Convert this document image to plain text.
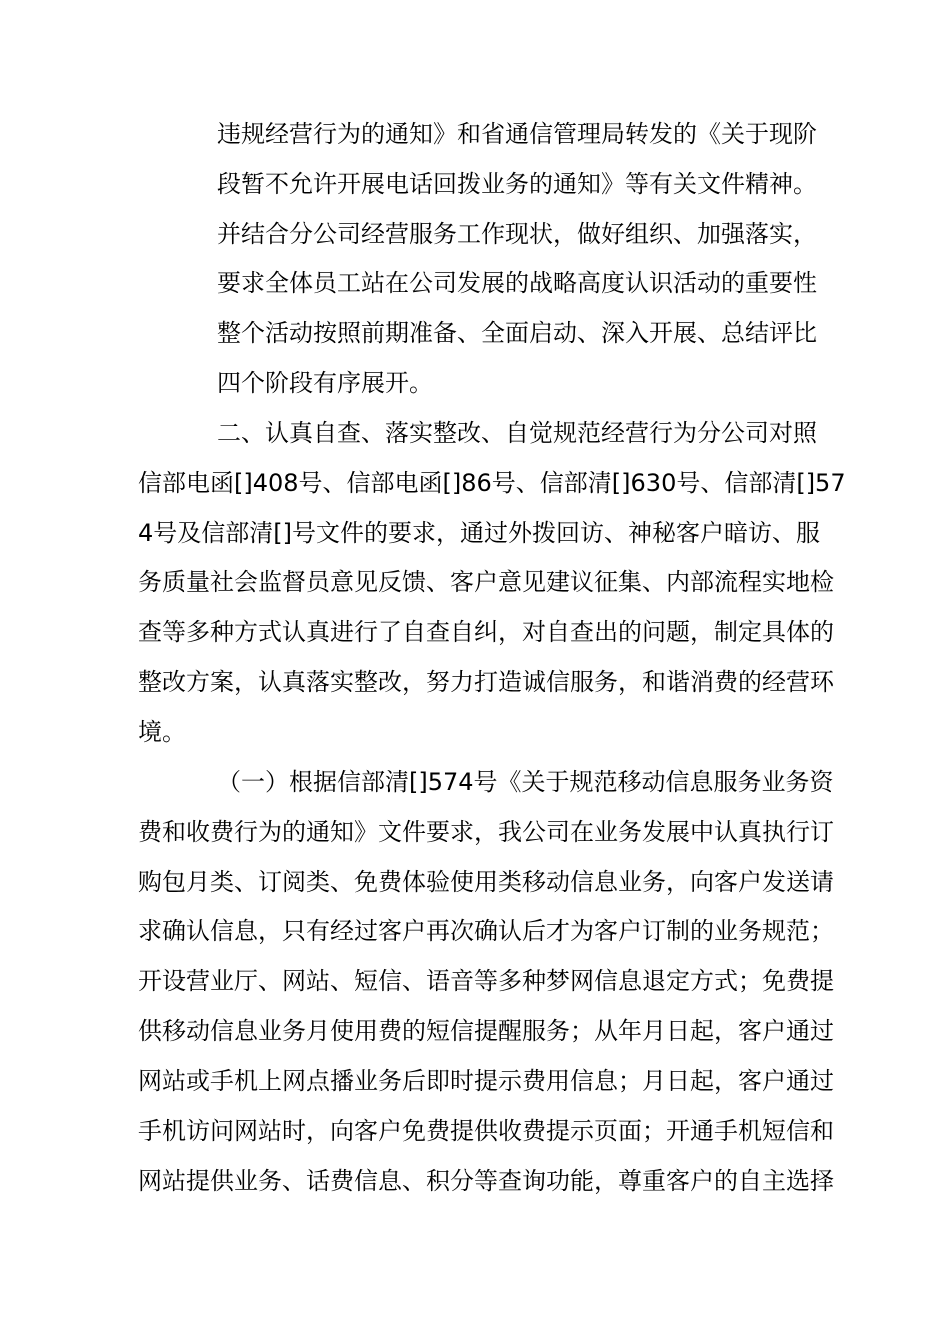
违规经营行为的通知》和省通信管理局转发的《关于现阶

段暂不允许开展电话回拨业务的通知》等有关文件精神。

并结合分公司经营服务工作现状，做好组织、加强落实，

要求全体员工站在公司发展的战略高度认识活动的重要性

整个活动按照前期准备、全面启动、深入开展、总结评比

四个阶段有序展开。

二、认真自查、落实整改、自觉规范经营行为分公司对照

信部电函[]408号、信部电函[]86号、信部清[]630号、信部清[]57

4号及信部清[]号文件的要求，通过外拨回访、神秘客户暗访、服

务质量社会监督员意见反馈、客户意见建议征集、内部流程实地检

查等多种方式认真进行了自查自纠，对自查出的问题，制定具体的

整改方案，认真落实整改，努力打造诚信服务，和谐消费的经营环

境。

（一）根据信部清[]574号《关于规范移动信息服务业务资

费和收费行为的通知》文件要求，我公司在业务发展中认真执行订

购包月类、订阅类、免费体验使用类移动信息业务，向客户发送请

求确认信息，只有经过客户再次确认后才为客户订制的业务规范；

开设营业厅、网站、短信、语音等多种梦网信息退定方式；免费提

供移动信息业务月使用费的短信提醒服务；从年月日起，客户通过

网站或手机上网点播业务后即时提示费用信息；月日起，客户通过

手机访问网站时，向客户免费提供收费提示页面；开通手机短信和

网站提供业务、话费信息、积分等查询功能，尊重客户的自主选择
